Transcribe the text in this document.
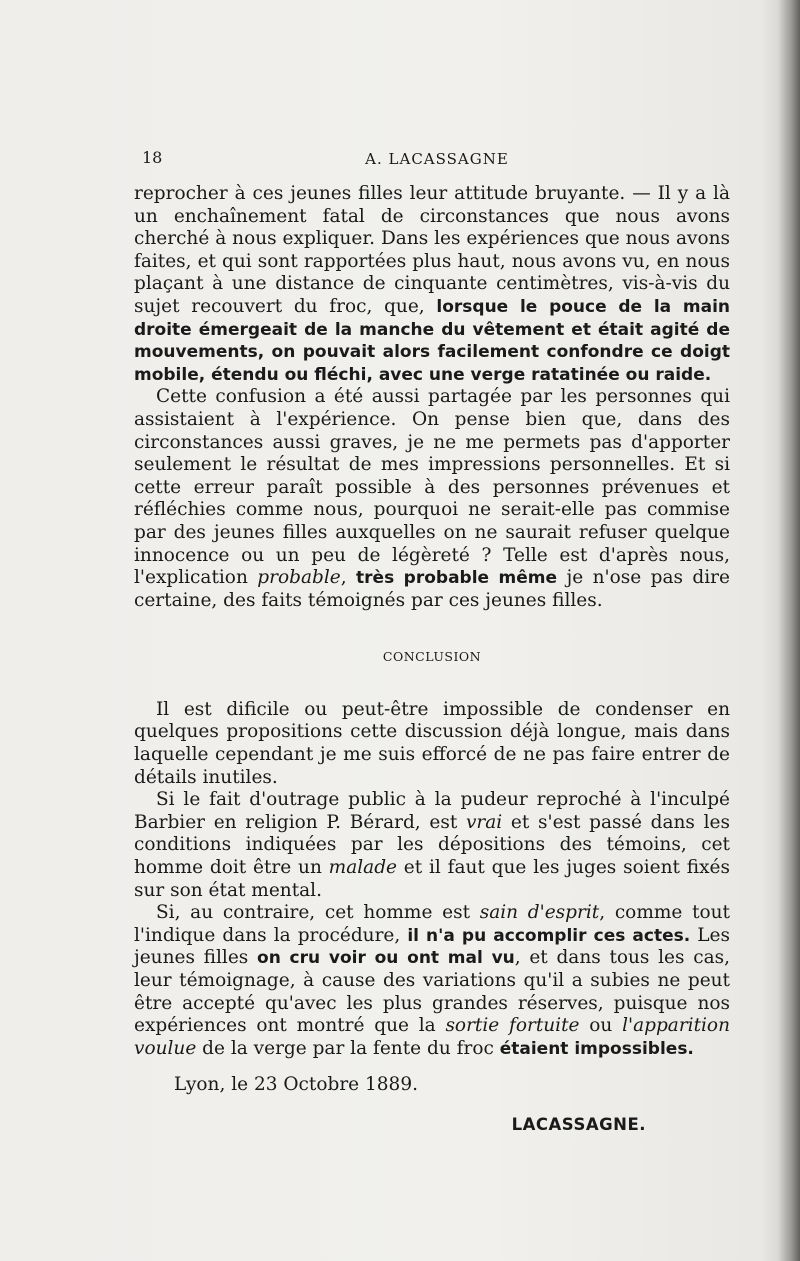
18	A. LACASSAGNE

reprocher à ces jeunes filles leur attitude bruyante. — Il y a là un enchaînement fatal de circonstances que nous avons cherché à nous expliquer. Dans les expériences que nous avons faites, et qui sont rapportées plus haut, nous avons vu, en nous plaçant à une distance de cinquante centimètres, vis-à-vis du sujet recouvert du froc, que, lorsque le pouce de la main droite émergeait de la manche du vêtement et était agité de mouvements, on pouvait alors facilement confondre ce doigt mobile, étendu ou fléchi, avec une verge ratatinée ou raide.

Cette confusion a été aussi partagée par les personnes qui assistaient à l'expérience. On pense bien que, dans des circonstances aussi graves, je ne me permets pas d'apporter seulement le résultat de mes impressions personnelles. Et si cette erreur paraît possible à des personnes prévenues et réfléchies comme nous, pourquoi ne serait-elle pas commise par des jeunes filles auxquelles on ne saurait refuser quelque innocence ou un peu de légèreté ? Telle est d'après nous, l'explication probable, très probable même je n'ose pas dire certaine, des faits témoignés par ces jeunes filles.

CONCLUSION

Il est dificile ou peut-être impossible de condenser en quelques propositions cette discussion déjà longue, mais dans laquelle cependant je me suis efforcé de ne pas faire entrer de détails inutiles.

Si le fait d'outrage public à la pudeur reproché à l'inculpé Barbier en religion P. Bérard, est vrai et s'est passé dans les conditions indiquées par les dépositions des témoins, cet homme doit être un malade et il faut que les juges soient fixés sur son état mental.

Si, au contraire, cet homme est sain d'esprit, comme tout l'indique dans la procédure, il n'a pu accomplir ces actes. Les jeunes filles on cru voir ou ont mal vu, et dans tous les cas, leur témoignage, à cause des variations qu'il a subies ne peut être accepté qu'avec les plus grandes réserves, puisque nos expériences ont montré que la sortie fortuite ou l'apparition voulue de la verge par la fente du froc étaient impossibles.

Lyon, le 23 Octobre 1889.

LACASSAGNE.
